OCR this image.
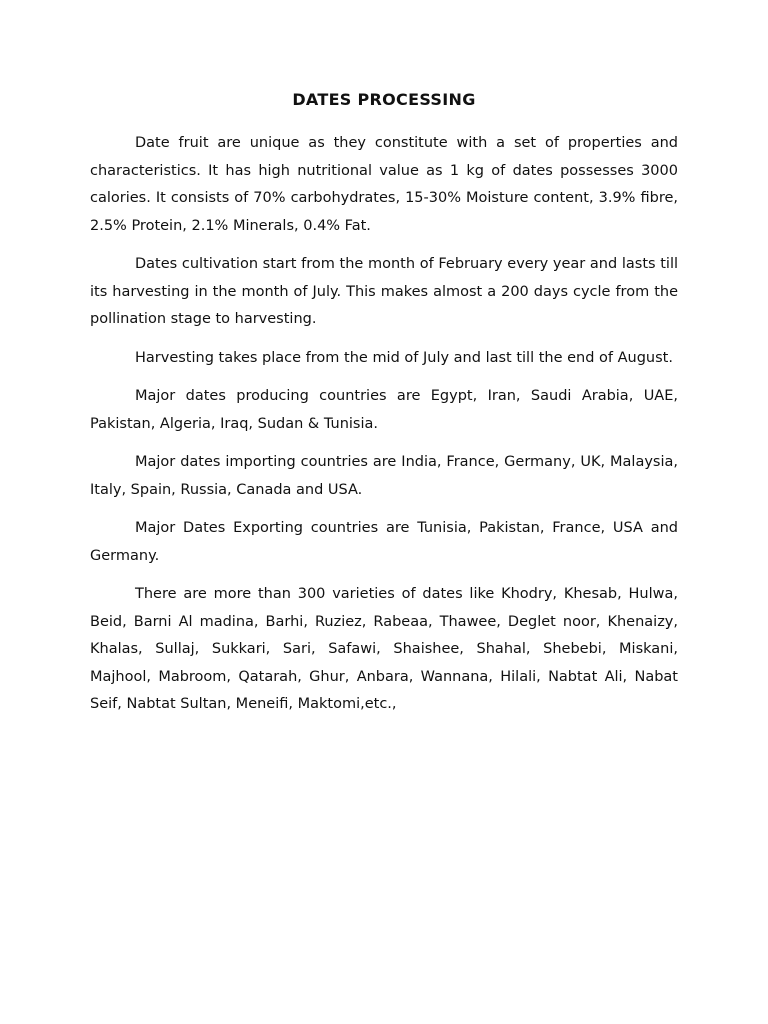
DATES PROCESSING

Date fruit are unique as they constitute with a set of properties and characteristics. It has high nutritional value as 1 kg of dates possesses 3000 calories. It consists of 70% carbohydrates, 15-30% Moisture content, 3.9% fibre, 2.5% Protein, 2.1% Minerals, 0.4% Fat.

Dates cultivation start from the month of February every year and lasts till its harvesting in the month of July. This makes almost a 200 days cycle from the pollination stage to harvesting.

Harvesting takes place from the mid of July and last till the end of August.

Major dates producing countries are Egypt, Iran, Saudi Arabia, UAE, Pakistan, Algeria, Iraq, Sudan & Tunisia.

Major dates importing countries are India, France, Germany, UK, Malaysia, Italy, Spain, Russia, Canada and USA.

Major Dates Exporting countries are Tunisia, Pakistan, France, USA and Germany.

There are more than 300 varieties of dates like Khodry, Khesab, Hulwa, Beid, Barni Al madina, Barhi, Ruziez, Rabeaa, Thawee, Deglet noor, Khenaizy, Khalas, Sullaj, Sukkari, Sari, Safawi, Shaishee, Shahal, Shebebi, Miskani, Majhool, Mabroom, Qatarah, Ghur, Anbara, Wannana, Hilali, Nabtat Ali, Nabat Seif, Nabtat Sultan, Meneifi, Maktomi,etc.,
